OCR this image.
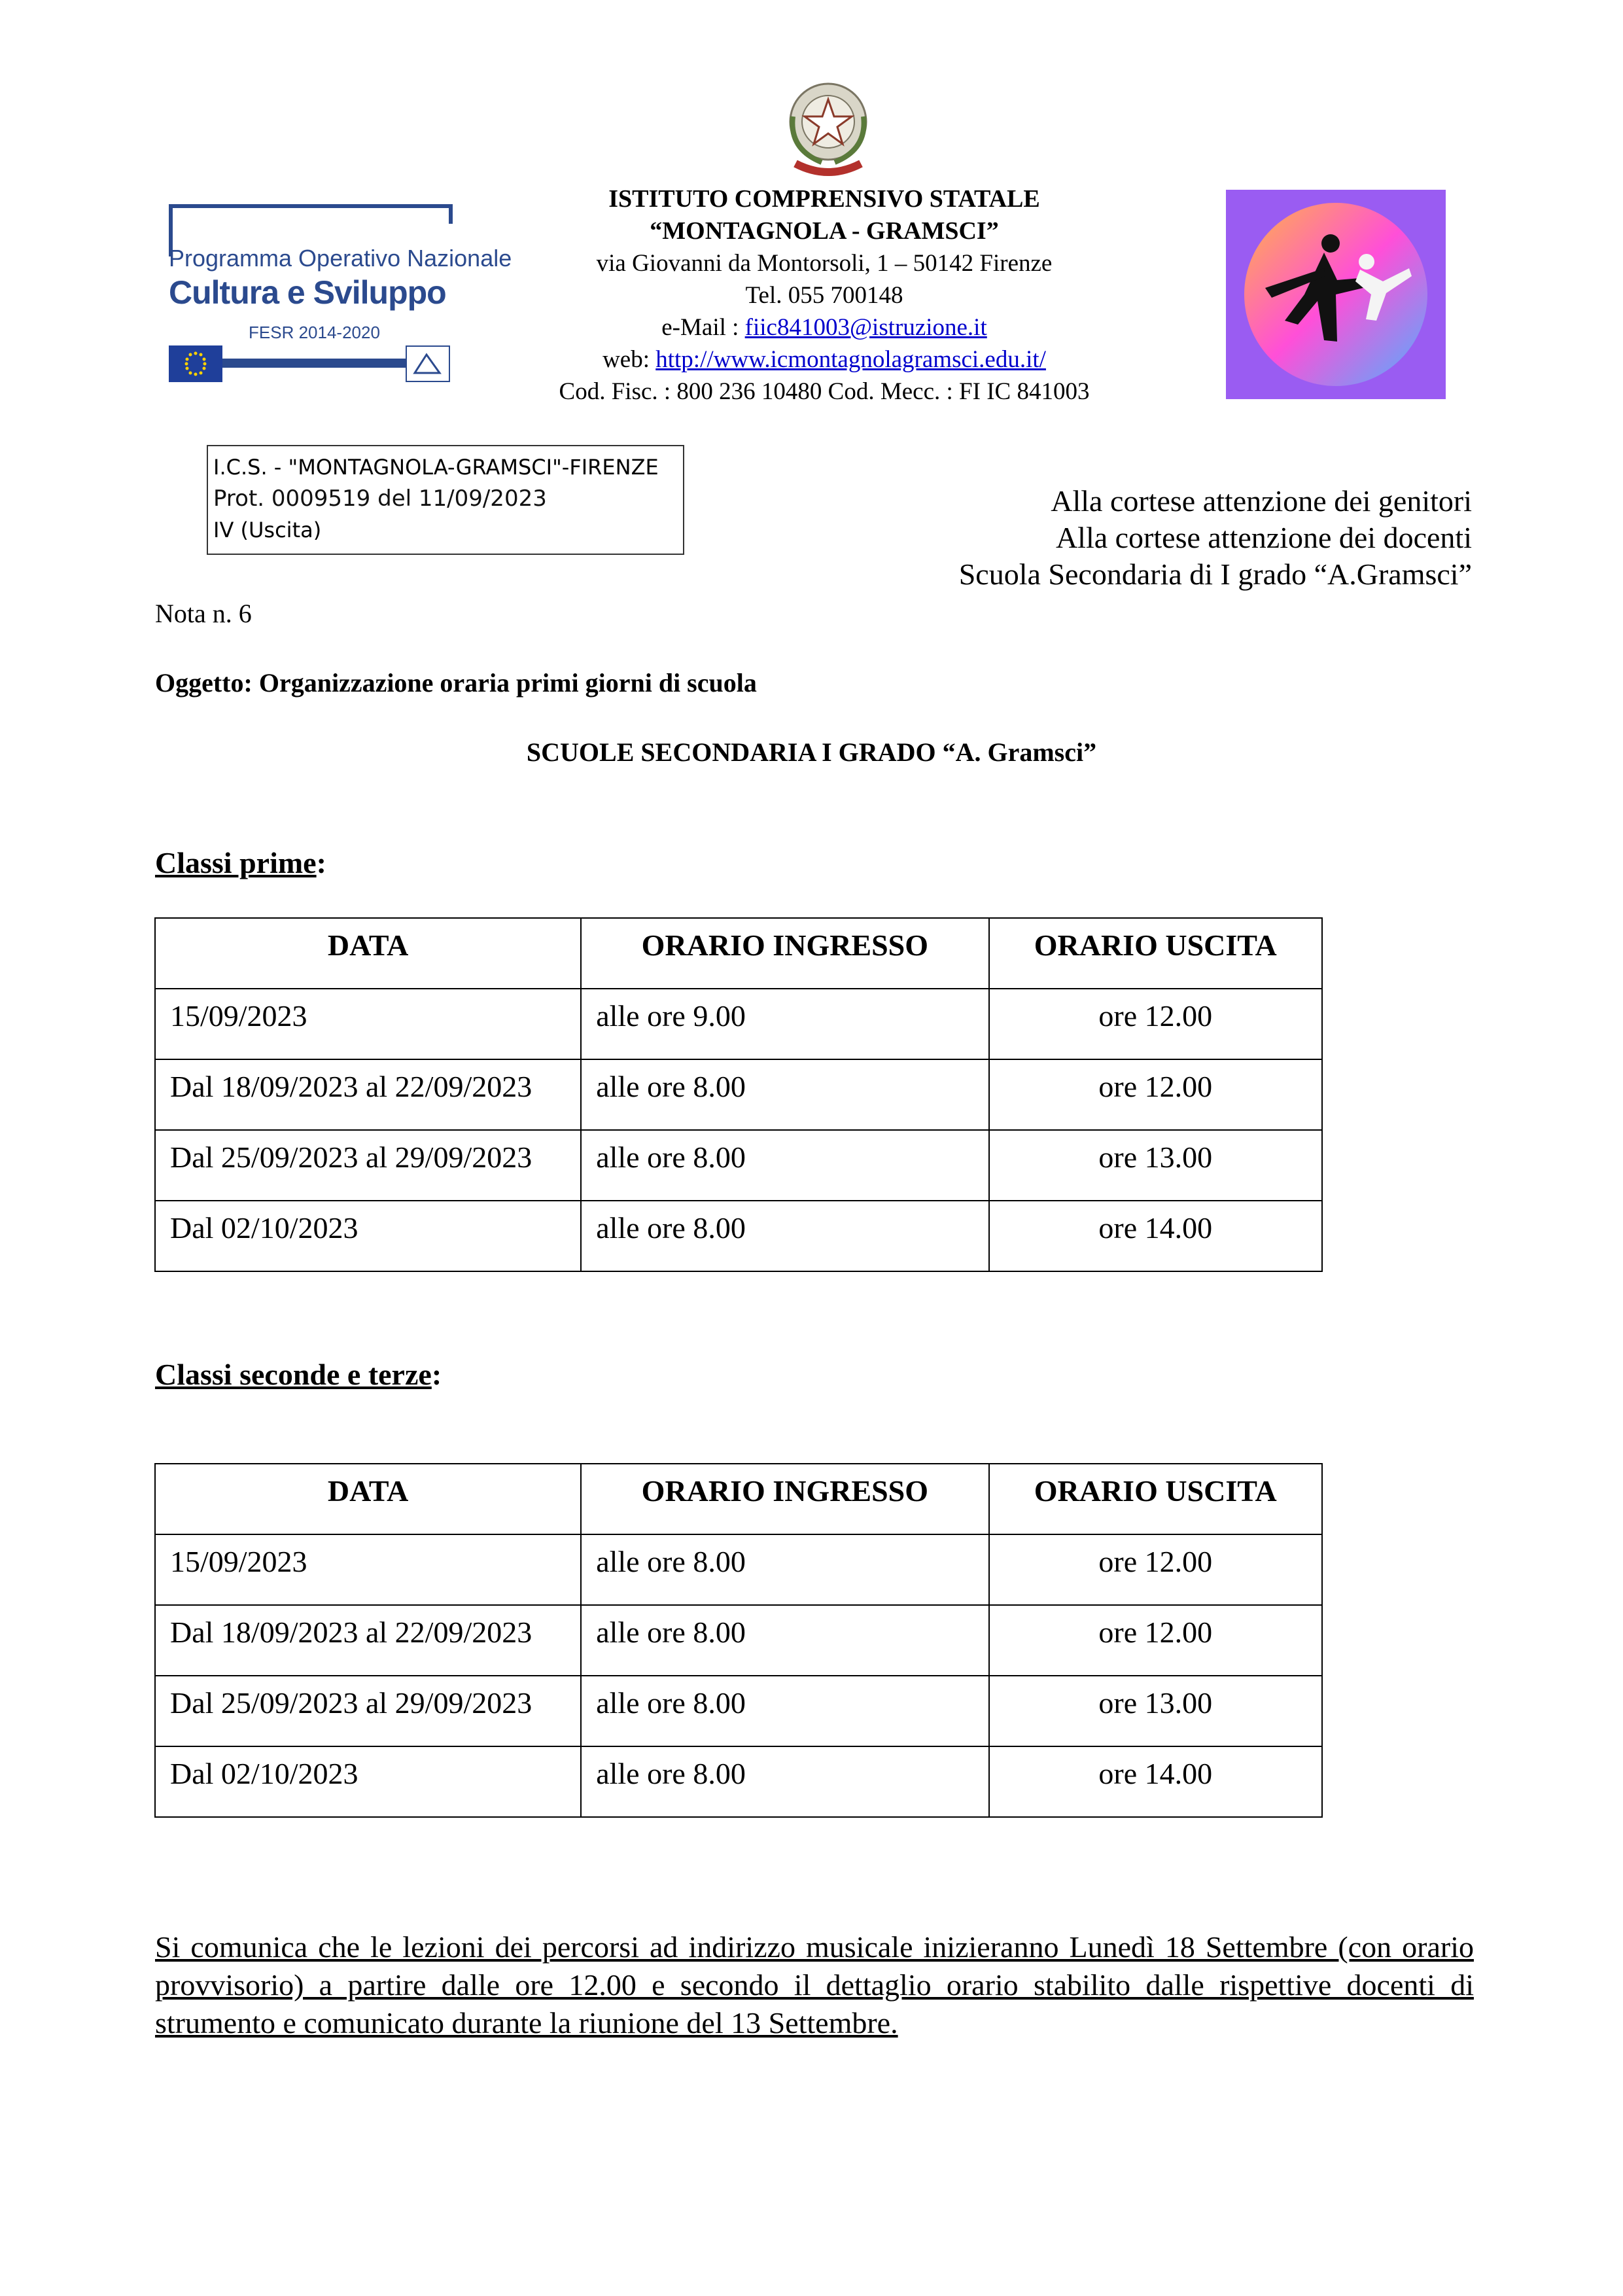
Programma Operativo Nazionale
Cultura e Sviluppo
FESR 2014-2020
ISTITUTO COMPRENSIVO STATALE
“MONTAGNOLA - GRAMSCI”
via Giovanni da Montorsoli, 1 – 50142 Firenze
Tel. 055 700148
e-Mail : fiic841003@istruzione.it
web: http://www.icmontagnolagramsci.edu.it/
Cod. Fisc. : 800 236 10480 Cod. Mecc. : FI IC 841003
I.C.S. - "MONTAGNOLA-GRAMSCI"-FIRENZE
Prot. 0009519 del 11/09/2023
IV (Uscita)
Alla cortese attenzione dei genitori
Alla cortese attenzione dei docenti
Scuola Secondaria di I grado “A.Gramsci”
Nota n. 6
Oggetto: Organizzazione oraria primi giorni di scuola
SCUOLE SECONDARIA I GRADO “A. Gramsci”
Classi prime:
DATA	ORARIO INGRESSO	ORARIO USCITA
15/09/2023	alle ore 9.00	ore 12.00
Dal 18/09/2023 al 22/09/2023	alle ore 8.00	ore 12.00
Dal 25/09/2023 al 29/09/2023	alle ore 8.00	ore 13.00
Dal 02/10/2023	alle ore 8.00	ore 14.00
Classi seconde e terze:
DATA	ORARIO INGRESSO	ORARIO USCITA
15/09/2023	alle ore 8.00	ore 12.00
Dal 18/09/2023 al 22/09/2023	alle ore 8.00	ore 12.00
Dal 25/09/2023 al 29/09/2023	alle ore 8.00	ore 13.00
Dal 02/10/2023	alle ore 8.00	ore 14.00
Si comunica che le lezioni dei percorsi ad indirizzo musicale inizieranno Lunedì 18 Settembre (con orario provvisorio) a partire dalle ore 12.00 e secondo il dettaglio orario stabilito dalle rispettive docenti di strumento e comunicato durante la riunione del 13 Settembre.
